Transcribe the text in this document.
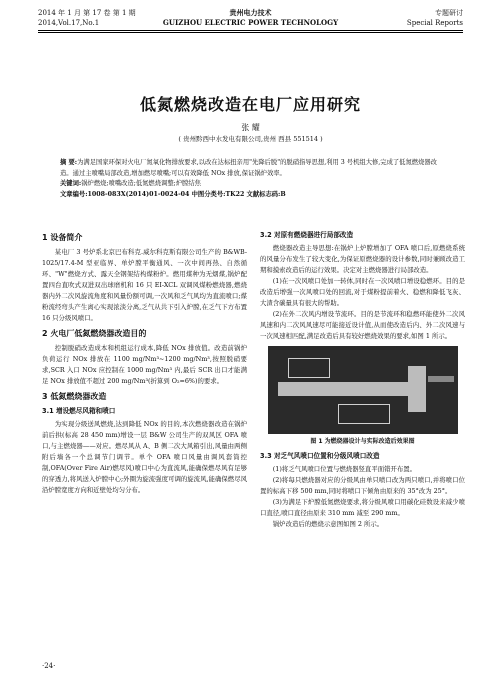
2014 年 1 月 第 17 卷 第 1 期
2014,Vol.17,No.1
贵州电力技术
GUIZHOU ELECTRIC POWER TECHNOLOGY
专题研讨
Special Reports
低氮燃烧改造在电厂应用研究
张 耀
( 贵州黔西中水发电有限公司,贵州 西县 551514 )
摘 要:为满足国家环保对火电厂氮氧化物排放要求,以改在达标扭亲用"先降后脱"的脱硝指导思想,利用 3 号机组大修,完成了低氮燃烧器改造。通过主喷嘴局部改造,增加燃尽喷嘴;可以有效降低 NOx 排放,保证锅炉效率。
关键词:锅炉燃烧;喷嘴改造;低氮燃烧调整;炉膛结焦
文章编号:1008-083X(2014)01-0024-04 中图分类号:TK22 文献标志码:B
1 设备简介

某电厂 3 号炉系北京巴布科克.威尔科克斯有限公司生产的 B&WB-1025/17.4-M 型亚临界、单炉膛平衡通风、一次中间再热、自然循环、"W"燃烧方式、露天全钢架结构煤粉炉。燃用煤种为无烟煤,锅炉配置四台直吹式双进双出球磨机和 16 只 EI-XCL 双调风煤粉燃烧器,燃烧器内外二次风旋流角度和风量份额可调,一次风和乏气风均为直流喷口;煤粉流经弯头产生离心实现浓淡分离,乏气从共下引入炉膛,在乏气下方布置 16 只分级风喷口。

2 火电厂低氮燃烧器改造目的

控制脱硝改造成本和机组运行成本,降低 NOx 排放值。改造前锅炉负荷运行 NOx 排放在 1100 mg/Nm³~1200 mg/Nm³,按照脱硝要求,SCR 入口 NOx 应控制在 1000 mg/Nm³ 内,最后 SCR 出口才能满足 NOx 排放值不超过 200 mg/Nm³(折算到 O₂=6%)的要求。

3 低氮燃烧器改造
3.1 增设燃尽风箱和喷口

为实现分级送风燃烧,达到降低 NOx 的目的,本次燃烧器改造在锅炉前后拱(标高 28 450 mm)增设一层 B&W 公司生产的双风区 OFA 喷口,与主燃烧器——对应。燃尽风从 A、B 侧二次大风箱引出,风量由两侧附后墙各一个总调节门调节。单个 OFA 喷口风量由调风套筒控制,OFA(Over Fire Air)燃尽风)喷口中心为直流风,能确保燃尽风有足够的穿透力,将风送入炉膛中心;外圈为旋流强度可调的旋流风,能确保燃尽风沿炉膛宽度方向和近壁处均匀分布。

3.2 对原有燃烧器进行局部改造

燃烧器改造主导思想:在锅炉上炉膛增加了 OFA 喷口后,原燃烧系统的风量分布发生了较大变化,为保证原燃烧器的设计参数,同时兼顾改造工期和摸索改造后的运行效果。决定对主燃烧器进行局部改造。

(1)在一次风喷口处加一转体,同时在一次风喷口增设稳燃环。目的是改造后增强一次风喷口处的回流,对于煤粉提前着火、稳燃和降低飞灰、大渣含碳量具有很大的帮助。

(2)在外二次风内增设节流环。目的是节流环和稳燃环能使外二次风风速和内二次风风速尽可能接近设计值,从而使改造后内、外二次风速与一次风速相匹配,满足改造后具有较好燃烧效果的要求,如图 1 所示。

图 1 为燃烧器设计与实际改造后效果图
3.3 对乏气风喷口位置和分级风喷口改造

(1)将乏气风喷口位置与燃烧器竖直平面错开布置。

(2)将每只燃烧器对应的分级风由单只喷口改为两只喷口,并将喷口位置的标高下移 500 mm,同时将喷口下倾角由原来的 35°改为 25°。

(3)为满足下炉膛低氮燃烧要求,将分级风喷口用碳化硅数设来减少喷口直径,喷口直径由原来 310 mm 减至 290 mm。

锅炉改造后的燃烧示意图如图 2 所示。

·24·
